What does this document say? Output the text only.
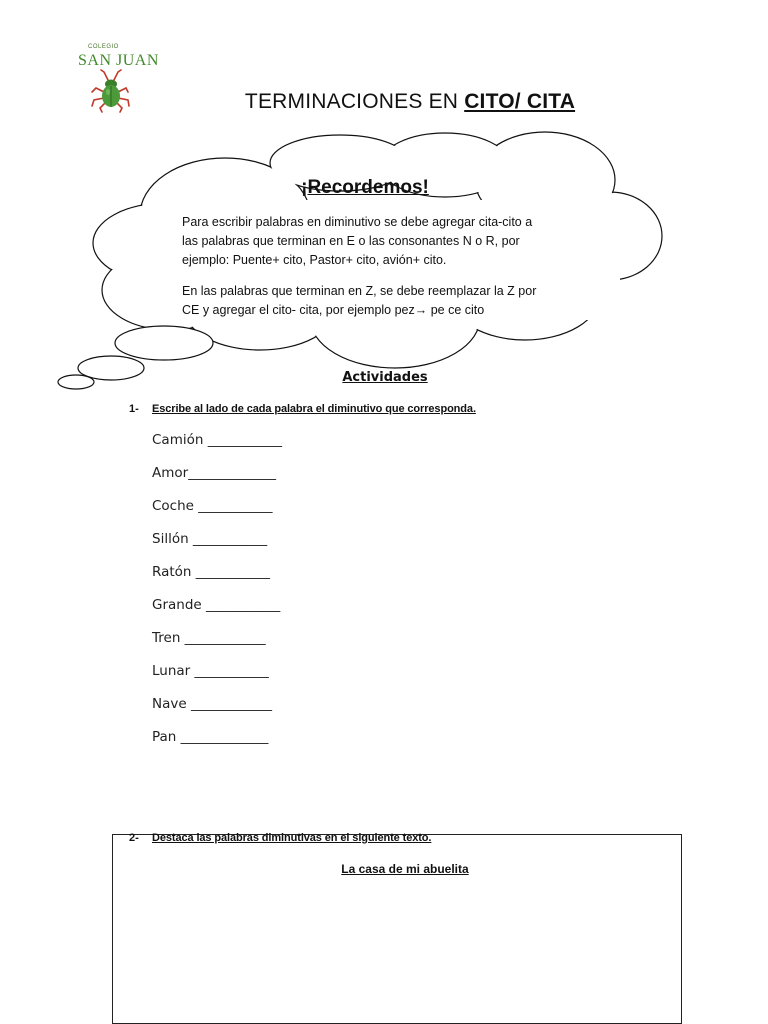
COLEGIO
SAN JUAN
TERMINACIONES EN CITO/ CITA
¡Recordemos!
Para escribir palabras en diminutivo se debe agregar cita-cito a las palabras que terminan en E o las consonantes N o R, por ejemplo: Puente+ cito, Pastor+ cito, avión+ cito.
En las palabras que terminan en Z, se debe reemplazar la Z por CE y agregar el cito- cita, por ejemplo pez→ pe ce cito
Actividades
1- Escribe al lado de cada palabra el diminutivo que corresponda.
Camión ___________
Amor_____________
Coche ___________
Sillón ___________
Ratón ___________
Grande ___________
Tren ____________
Lunar ___________
Nave ____________
Pan _____________
2- Destaca las palabras diminutivas en el siguiente texto.
La casa de mi abuelita
